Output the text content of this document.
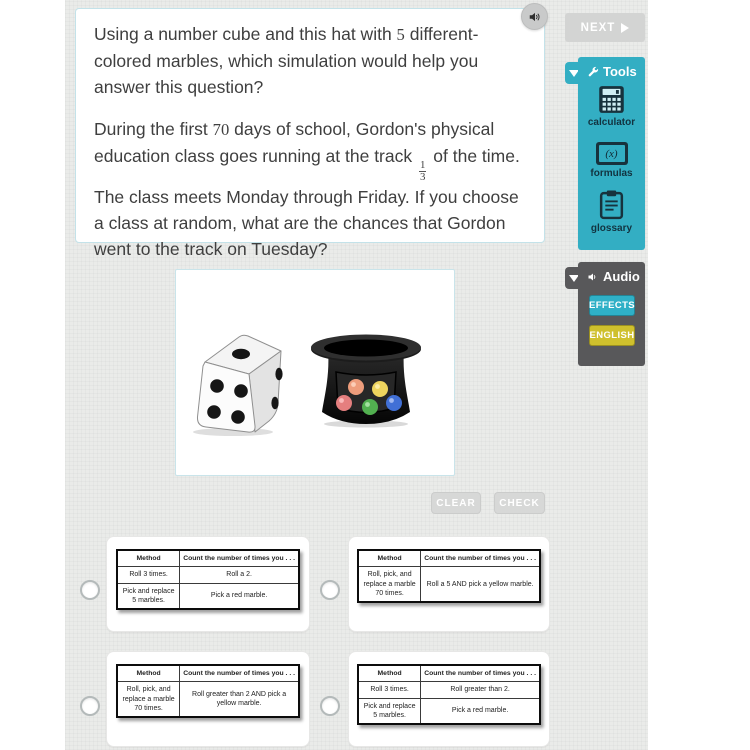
Using a number cube and this hat with 5 different-colored marbles, which simulation would help you answer this question?

During the first 70 days of school, Gordon's physical education class goes running at the track
$\frac{1}{3}$
of the time. The class meets Monday through Friday. If you choose a class at random, what are the chances that Gordon went to the track on Tuesday?

NEXT
Tools
calculator
(x)
formulas
glossary
Audio
EFFECTS
ENGLISH
CLEAR CHECK
Method	Count the number of times you . . .
Roll 3 times.	Roll a 2.
Pick and replace 5 marbles.	Pick a red marble.
Method	Count the number of times you . . .
Roll, pick, and replace a marble 70 times.	Roll a 5 AND pick a yellow marble.
Method	Count the number of times you . . .
Roll, pick, and replace a marble 70 times.	Roll greater than 2 AND pick a yellow marble.
Method	Count the number of times you . . .
Roll 3 times.	Roll greater than 2.
Pick and replace 5 marbles.	Pick a red marble.
